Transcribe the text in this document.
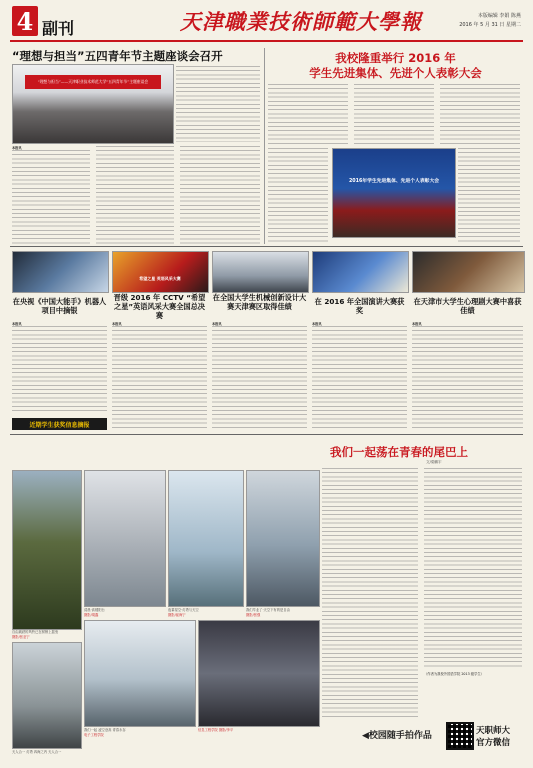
4 副刊	天津職業技術師範大學報	本版编辑 李娟 陈燕
2016 年 5 月 31 日 星期二
“理想与担当”五四青年节主题座谈会召开
“理想与担当”——天津职业技术师范大学“五四青年节”主题座谈会
本报讯
我校隆重举行 2016 年
学生先进集体、先进个人表彰大会
2016年学生先进集体、先进个人表彰大会
希望之星 英语风采大赛
在央视《中国大能手》机器人项目中摘银
晋级 2016 年 CCTV “希望之星”英语风采大赛全国总决赛
在全国大学生机械创新设计大赛天津赛区取得佳绩
在 2016 年全国演讲大赛获奖
在天津市大学生心理剧大赛中喜获佳绩
本报讯	本报讯	本报讯	本报讯	本报讯
近期学生获奖信息摘报
我们一起荡在青春的尾巴上
文/梁鹏宇
自由跳跃的风铃已在树梢上摇曳
摄影/张亚宁
清晨·高楼阳台
摄影/胡鑫
夜幕星空·灯塔与天空
摄影/崔海宁
我们毕业了·天空下有的是自由
摄影/张强
天人合一 灯塔 四海之内 天人合一
我们一起 凌空登高 青春永存
电子工程学院
信息工程学院 摄影/李平
（作者为我校外国语学院 2013 级学生）
◀校园随手拍作品	天职师大
官方微信
